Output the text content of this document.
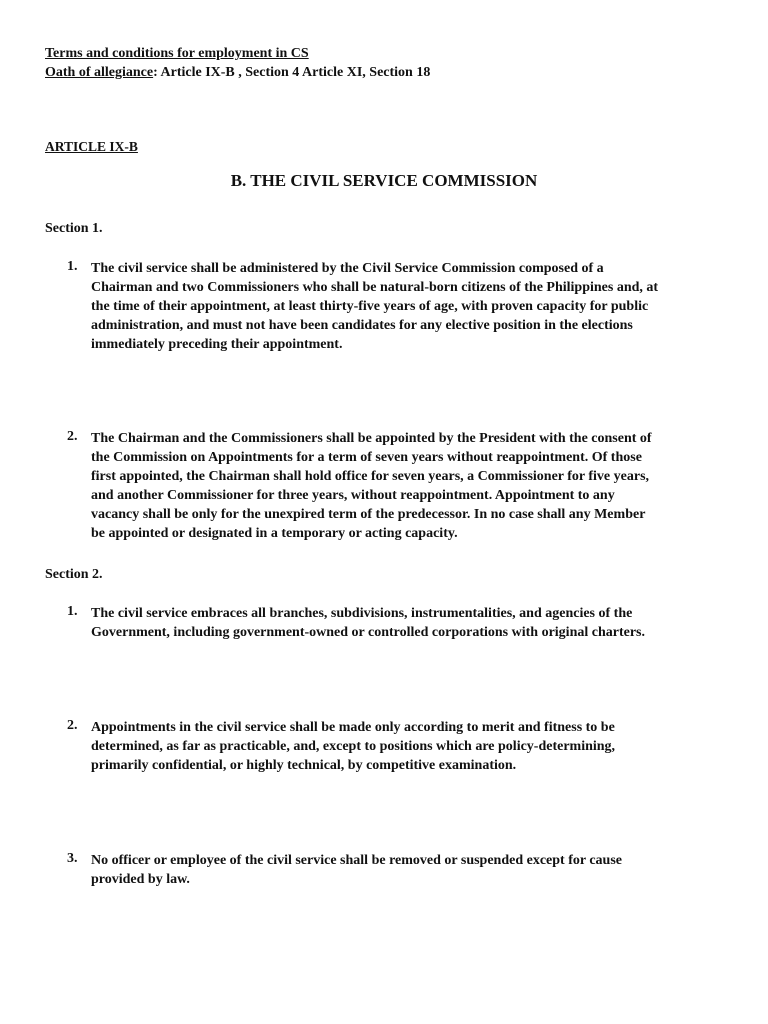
Terms and conditions for employment in CS
Oath of allegiance: Article IX-B , Section 4 Article XI, Section 18
ARTICLE IX-B
B. THE CIVIL SERVICE COMMISSION
Section 1.
1. The civil service shall be administered by the Civil Service Commission composed of a
Chairman and two Commissioners who shall be natural-born citizens of the Philippines and, at
the time of their appointment, at least thirty-five years of age, with proven capacity for public
administration, and must not have been candidates for any elective position in the elections
immediately preceding their appointment.
2. The Chairman and the Commissioners shall be appointed by the President with the consent of
the Commission on Appointments for a term of seven years without reappointment. Of those
first appointed, the Chairman shall hold office for seven years, a Commissioner for five years,
and another Commissioner for three years, without reappointment. Appointment to any
vacancy shall be only for the unexpired term of the predecessor. In no case shall any Member
be appointed or designated in a temporary or acting capacity.
Section 2.
1. The civil service embraces all branches, subdivisions, instrumentalities, and agencies of the
Government, including government-owned or controlled corporations with original charters.
2. Appointments in the civil service shall be made only according to merit and fitness to be
determined, as far as practicable, and, except to positions which are policy-determining,
primarily confidential, or highly technical, by competitive examination.
3. No officer or employee of the civil service shall be removed or suspended except for cause
provided by law.
